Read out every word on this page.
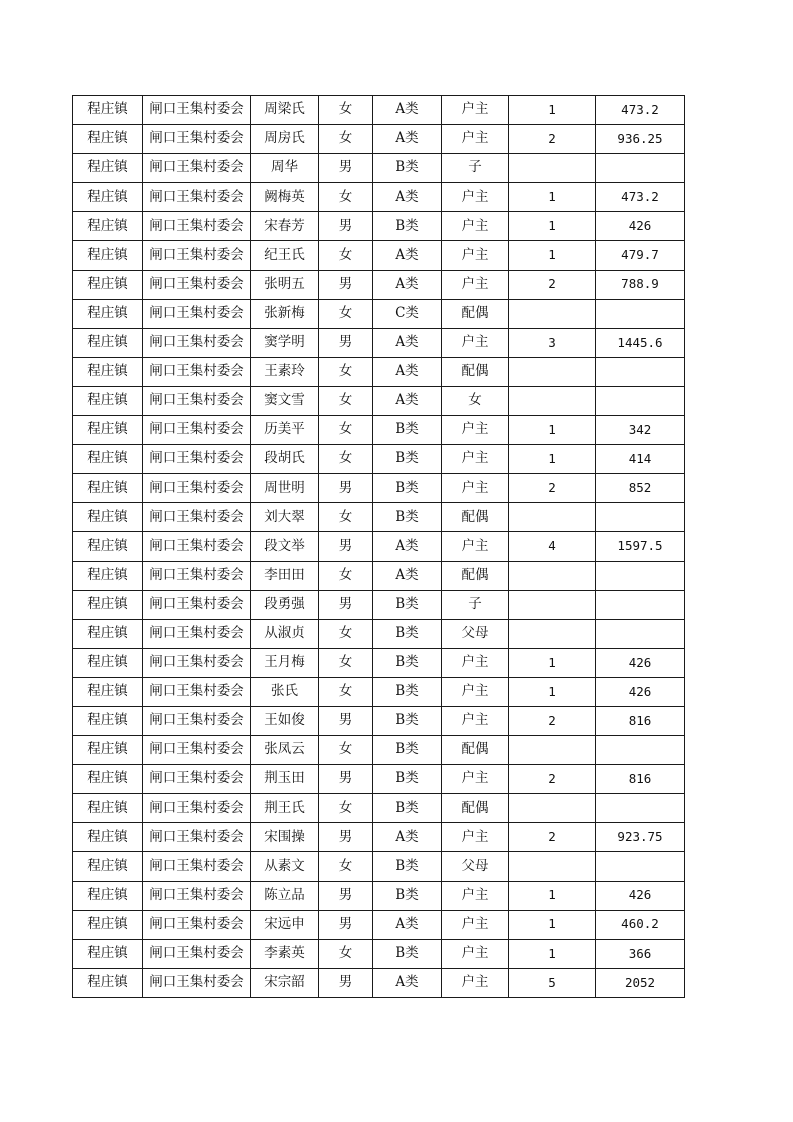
程庄镇	闸口王集村委会	周梁氏	女	A类	户主	1	473.2
程庄镇	闸口王集村委会	周房氏	女	A类	户主	2	936.25
程庄镇	闸口王集村委会	周华	男	B类	子		
程庄镇	闸口王集村委会	阙梅英	女	A类	户主	1	473.2
程庄镇	闸口王集村委会	宋春芳	男	B类	户主	1	426
程庄镇	闸口王集村委会	纪王氏	女	A类	户主	1	479.7
程庄镇	闸口王集村委会	张明五	男	A类	户主	2	788.9
程庄镇	闸口王集村委会	张新梅	女	C类	配偶		
程庄镇	闸口王集村委会	窦学明	男	A类	户主	3	1445.6
程庄镇	闸口王集村委会	王素玲	女	A类	配偶		
程庄镇	闸口王集村委会	窦文雪	女	A类	女		
程庄镇	闸口王集村委会	历美平	女	B类	户主	1	342
程庄镇	闸口王集村委会	段胡氏	女	B类	户主	1	414
程庄镇	闸口王集村委会	周世明	男	B类	户主	2	852
程庄镇	闸口王集村委会	刘大翠	女	B类	配偶		
程庄镇	闸口王集村委会	段文举	男	A类	户主	4	1597.5
程庄镇	闸口王集村委会	李田田	女	A类	配偶		
程庄镇	闸口王集村委会	段勇强	男	B类	子		
程庄镇	闸口王集村委会	从淑贞	女	B类	父母		
程庄镇	闸口王集村委会	王月梅	女	B类	户主	1	426
程庄镇	闸口王集村委会	张氏	女	B类	户主	1	426
程庄镇	闸口王集村委会	王如俊	男	B类	户主	2	816
程庄镇	闸口王集村委会	张凤云	女	B类	配偶		
程庄镇	闸口王集村委会	荆玉田	男	B类	户主	2	816
程庄镇	闸口王集村委会	荆王氏	女	B类	配偶		
程庄镇	闸口王集村委会	宋围操	男	A类	户主	2	923.75
程庄镇	闸口王集村委会	从素文	女	B类	父母		
程庄镇	闸口王集村委会	陈立品	男	B类	户主	1	426
程庄镇	闸口王集村委会	宋远申	男	A类	户主	1	460.2
程庄镇	闸口王集村委会	李素英	女	B类	户主	1	366
程庄镇	闸口王集村委会	宋宗韶	男	A类	户主	5	2052
